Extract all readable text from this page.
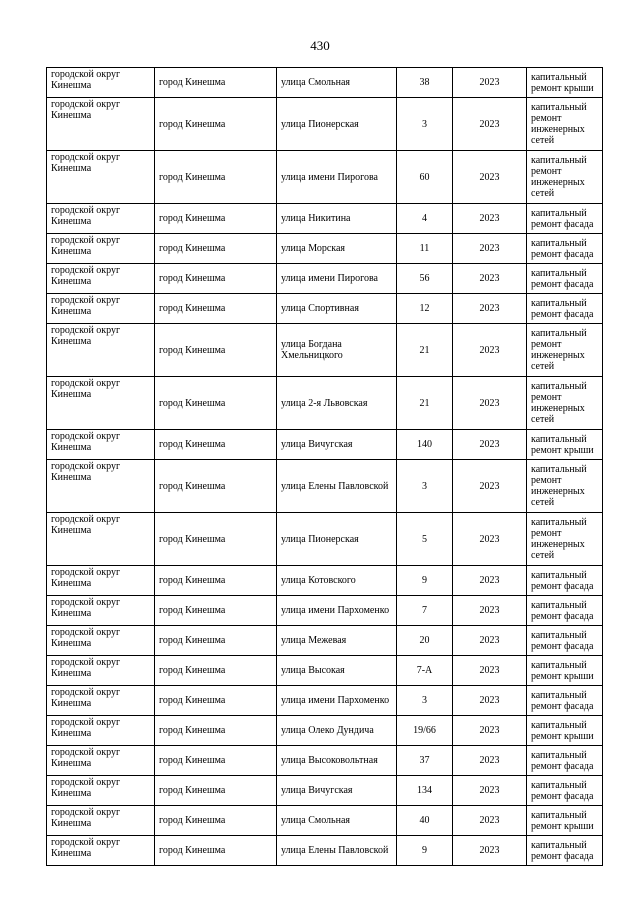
430
городской округ Кинешма	город Кинешма	улица Смольная	38	2023	капитальный ремонт крыши
городской округ Кинешма	город Кинешма	улица Пионерская	3	2023	капитальный ремонт инженерных сетей
городской округ Кинешма	город Кинешма	улица имени Пирогова	60	2023	капитальный ремонт инженерных сетей
городской округ Кинешма	город Кинешма	улица Никитина	4	2023	капитальный ремонт фасада
городской округ Кинешма	город Кинешма	улица Морская	11	2023	капитальный ремонт фасада
городской округ Кинешма	город Кинешма	улица имени Пирогова	56	2023	капитальный ремонт фасада
городской округ Кинешма	город Кинешма	улица Спортивная	12	2023	капитальный ремонт фасада
городской округ Кинешма	город Кинешма	улица Богдана Хмельницкого	21	2023	капитальный ремонт инженерных сетей
городской округ Кинешма	город Кинешма	улица 2-я Львовская	21	2023	капитальный ремонт инженерных сетей
городской округ Кинешма	город Кинешма	улица Вичугская	140	2023	капитальный ремонт крыши
городской округ Кинешма	город Кинешма	улица Елены Павловской	3	2023	капитальный ремонт инженерных сетей
городской округ Кинешма	город Кинешма	улица Пионерская	5	2023	капитальный ремонт инженерных сетей
городской округ Кинешма	город Кинешма	улица Котовского	9	2023	капитальный ремонт фасада
городской округ Кинешма	город Кинешма	улица имени Пархоменко	7	2023	капитальный ремонт фасада
городской округ Кинешма	город Кинешма	улица Межевая	20	2023	капитальный ремонт фасада
городской округ Кинешма	город Кинешма	улица Высокая	7-А	2023	капитальный ремонт крыши
городской округ Кинешма	город Кинешма	улица имени Пархоменко	3	2023	капитальный ремонт фасада
городской округ Кинешма	город Кинешма	улица Олеко Дундича	19/66	2023	капитальный ремонт крыши
городской округ Кинешма	город Кинешма	улица Высоковольтная	37	2023	капитальный ремонт фасада
городской округ Кинешма	город Кинешма	улица Вичугская	134	2023	капитальный ремонт фасада
городской округ Кинешма	город Кинешма	улица Смольная	40	2023	капитальный ремонт крыши
городской округ Кинешма	город Кинешма	улица Елены Павловской	9	2023	капитальный ремонт фасада
